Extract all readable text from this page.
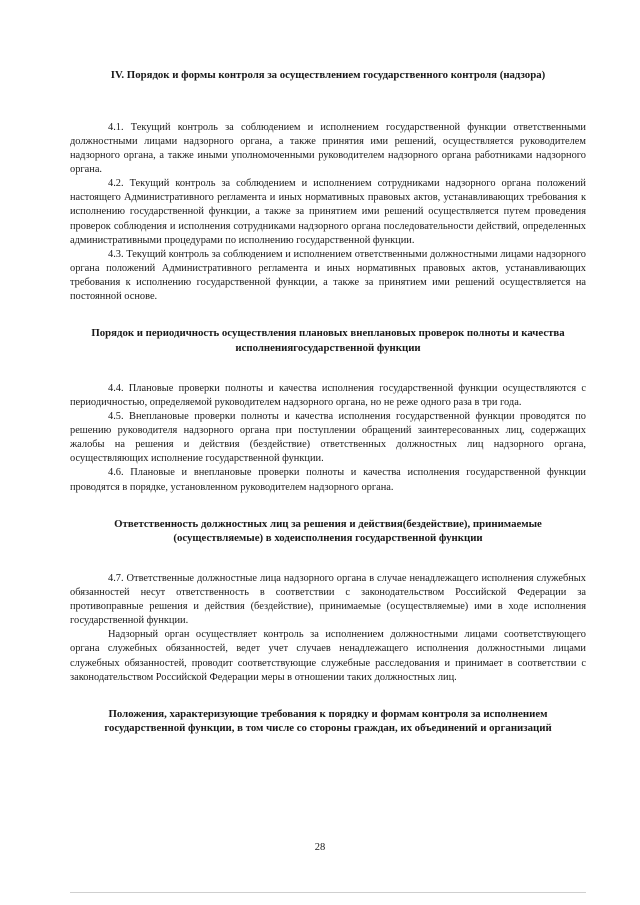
IV. Порядок и формы контроля за осуществлением государственного контроля (надзора)

4.1. Текущий контроль за соблюдением и исполнением государственной функции ответственными должностными лицами надзорного органа, а также принятия ими решений, осуществляется руководителем надзорного органа, а также иными уполномоченными руководителем надзорного органа работниками надзорного органа.

4.2. Текущий контроль за соблюдением и исполнением сотрудниками надзорного органа положений настоящего Административного регламента и иных нормативных правовых актов, устанавливающих требования к исполнению государственной функции, а также за принятием ими решений осуществляется путем проведения проверок соблюдения и исполнения сотрудниками надзорного органа последовательности действий, определенных административными процедурами по исполнению государственной функции.

4.3. Текущий контроль за соблюдением и исполнением ответственными должностными лицами надзорного органа положений Административного регламента и иных нормативных правовых актов, устанавливающих требования к исполнению государственной функции, а также за принятием ими решений осуществляется на постоянной основе.

Порядок и периодичность осуществления плановых внеплановых проверок полноты и качества исполнениягосударственной функции

4.4. Плановые проверки полноты и качества исполнения государственной функции осуществляются с периодичностью, определяемой руководителем надзорного органа, но не реже одного раза в три года.

4.5. Внеплановые проверки полноты и качества исполнения государственной функции проводятся по решению руководителя надзорного органа при поступлении обращений заинтересованных лиц, содержащих жалобы на решения и действия (бездействие) ответственных должностных лиц надзорного органа, осуществляющих исполнение государственной функции.

4.6. Плановые и внеплановые проверки полноты и качества исполнения государственной функции проводятся в порядке, установленном руководителем надзорного органа.

Ответственность должностных лиц за решения и действия(бездействие), принимаемые (осуществляемые) в ходеисполнения государственной функции

4.7. Ответственные должностные лица надзорного органа в случае ненадлежащего исполнения служебных обязанностей несут ответственность в соответствии с законодательством Российской Федерации за противоправные решения и действия (бездействие), принимаемые (осуществляемые) ими в ходе исполнения государственной функции.

Надзорный орган осуществляет контроль за исполнением должностными лицами соответствующего органа служебных обязанностей, ведет учет случаев ненадлежащего исполнения должностными лицами служебных обязанностей, проводит соответствующие служебные расследования и принимает в соответствии с законодательством Российской Федерации меры в отношении таких должностных лиц.

Положения, характеризующие требования к порядку и формам контроля за исполнением государственной функции, в том числе со стороны граждан, их объединений и организаций
28
